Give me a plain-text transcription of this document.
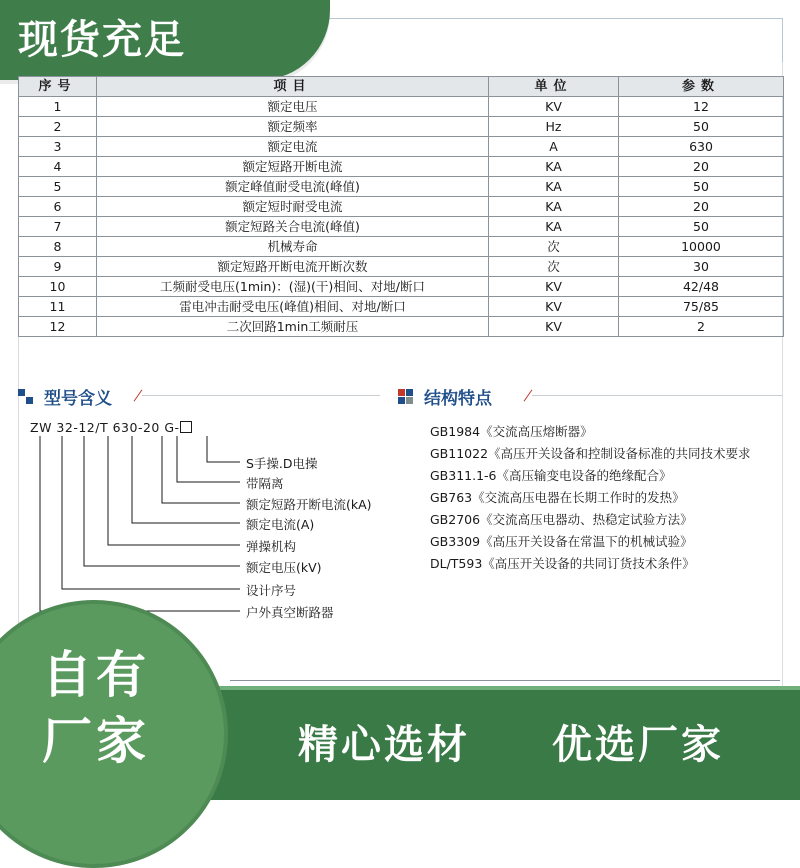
现货充足
序号	项目	单位	参数
1	额定电压	KV	12
2	额定频率	Hz	50
3	额定电流	A	630
4	额定短路开断电流	KA	20
5	额定峰值耐受电流(峰值)	KA	50
6	额定短时耐受电流	KA	20
7	额定短路关合电流(峰值)	KA	50
8	机械寿命	次	10000
9	额定短路开断电流开断次数	次	30
10	工频耐受电压(1min)：(湿)(干)相间、对地/断口	KV	42/48
11	雷电冲击耐受电压(峰值)相间、对地/断口	KV	75/85
12	二次回路1min工频耐压	KV	2
型号含义
ZW 32-12/T 630-20 G-
S手操.D电操
带隔离
额定短路开断电流(kA)
额定电流(A)
弹操机构
额定电压(kV)
设计序号
户外真空断路器
结构特点
GB1984《交流高压熔断器》
GB11022《高压开关设备和控制设备标准的共同技术要求
GB311.1-6《高压输变电设备的绝缘配合》
GB763《交流高压电器在长期工作时的发热》
GB2706《交流高压电器动、热稳定试验方法》
GB3309《高压开关设备在常温下的机械试验》
DL/T593《高压开关设备的共同订货技术条件》
精心选材 优选厂家
自有
厂家
